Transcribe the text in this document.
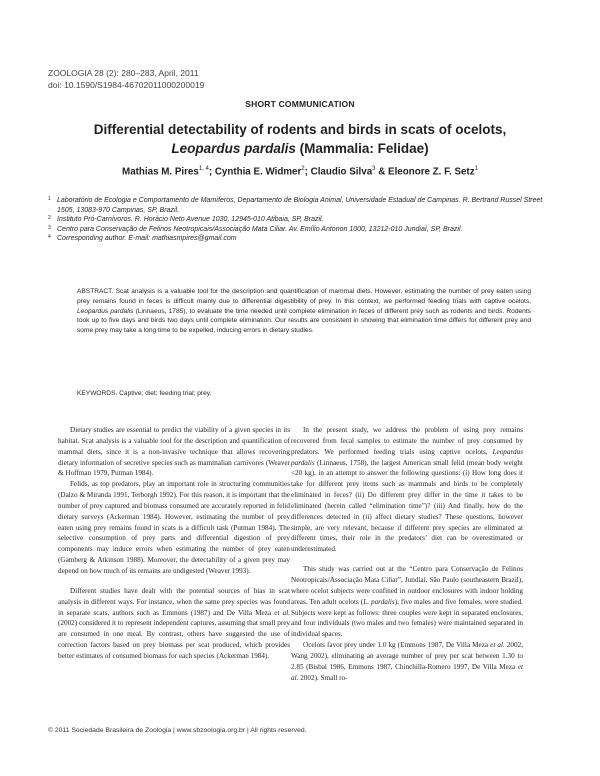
ZOOLOGIA 28 (2): 280–283, April, 2011
doi: 10.1590/S1984-46702011000200019
SHORT COMMUNICATION
Differential detectability of rodents and birds in scats of ocelots,
Leopardus pardalis (Mammalia: Felidae)
Mathias M. Pires$^{1, 4}$; Cynthia E. Widmer$^2$; Claudio Silva$^3$ & Eleonore Z. F. Setz$^1$

1 Laboratório de Ecologia e Comportamento de Mamíferos, Departamento de Biologia Animal, Universidade Estadual de Campinas. R. Bertrand Russel Street 1505, 13083-970 Campinas, SP, Brazil.

2 Instituto Pró-Carnívoros. R. Horácio Neto Avenue 1030, 12945-010 Atibaia, SP, Brazil.

3 Centro para Conservação de Felinos Neotropicais/Associação Mata Ciliar. Av. Emílio Antonon 1000, 13212-010 Jundiaí, SP, Brazil.

4 Corresponding author. E-mail: mathiasmpires@gmail.com

ABSTRACT. Scat analysis is a valuable tool for the description and quantification of mammal diets. However, estimating the number of prey eaten using prey remains found in feces is difficult mainly due to differential digestibility of prey. In this context, we performed feeding trials with captive ocelots, Leopardus pardalis (Linnaeus, 1785), to evaluate the time needed until complete elimination in feces of different prey such as rodents and birds. Rodents took up to five days and birds two days until complete elimination. Our results are consistent in showing that elimination time differs for different prey and some prey may take a long time to be expelled, inducing errors in dietary studies.

KEYWORDS. Captive; diet; feeding trial; prey.

Dietary studies are essential to predict the viability of a given species in its habitat. Scat analysis is a valuable tool for the description and quantification of mammal diets, since it is a non-invasive technique that allows recovering dietary information of secretive species such as mammalian carnivores (Weaver & Hoffman 1979, Putman 1984).

Felids, as top predators, play an important role in structuring communities (Dalzo & Miranda 1991, Terborgh 1992). For this reason, it is important that the number of prey captured and biomass consumed are accurately reported in felid dietary surveys (Ackerman 1984). However, estimating the number of prey eaten using prey remains found in scats is a difficult task (Putman 1984). The selective consumption of prey parts and differential digestion of prey components may induce errors when estimating the number of prey eaten (Gamberg & Atkinson 1988). Moreover, the detectability of a given prey may depend on how much of its remains are undigested (Weaver 1993).

Different studies have dealt with the potential sources of bias in scat analysis in different ways. For instance, when the same prey species was found in separate scats, authors such as Emmons (1987) and De Villa Meza et al. (2002) considered it to represent independent captures, assuming that small prey are consumed in one meal. By contrast, others have suggested the use of correction factors based on prey biomass per scat produced, which provides better estimates of consumed biomass for each species (Ackerman 1984).

In the present study, we address the problem of using prey remains recovered from fecal samples to estimate the number of prey consumed by predators. We performed feeding trials using captive ocelots, Leopardus pardalis (Linnaeus, 1758), the largest American small felid (mean body weight <20 kg), in an attempt to answer the following questions: (i) How long does it take for different prey items such as mammals and birds to be completely eliminated in feces? (ii) Do different prey differ in the time it takes to be eliminated (herein called “elimination time”)? (iii) And finally, how do the differences detected in (ii) affect dietary studies? These questions, however simple, are very relevant, because if different prey species are eliminated at different times, their role in the predators’ diet can be overestimated or underestimated.

This study was carried out at the “Centro para Conservação de Felinos Neotropicais/Associação Mata Ciliar”, Jundiaí, São Paulo (southeastern Brazil), where ocelot subjects were confined in outdoor enclosures with indoor holding areas. Ten adult ocelots (L. pardalis), five males and five females, were studied. Subjects were kept as follows: three couples were kept in separated enclosures, and four individuals (two males and two females) were maintained separated in individual spaces.

Ocelots favor prey under 1.0 kg (Emmons 1987, De Villa Meza et al. 2002, Wang 2002), eliminating an average number of prey per scat between 1.30 to 2.85 (Bisbal 1986, Emmons 1987, Chinchilla-Romero 1997, De Villa Meza et al. 2002). Small ro-

© 2011 Sociedade Brasileira de Zoologia | www.sbzoologia.org.br | All rights reserved.
